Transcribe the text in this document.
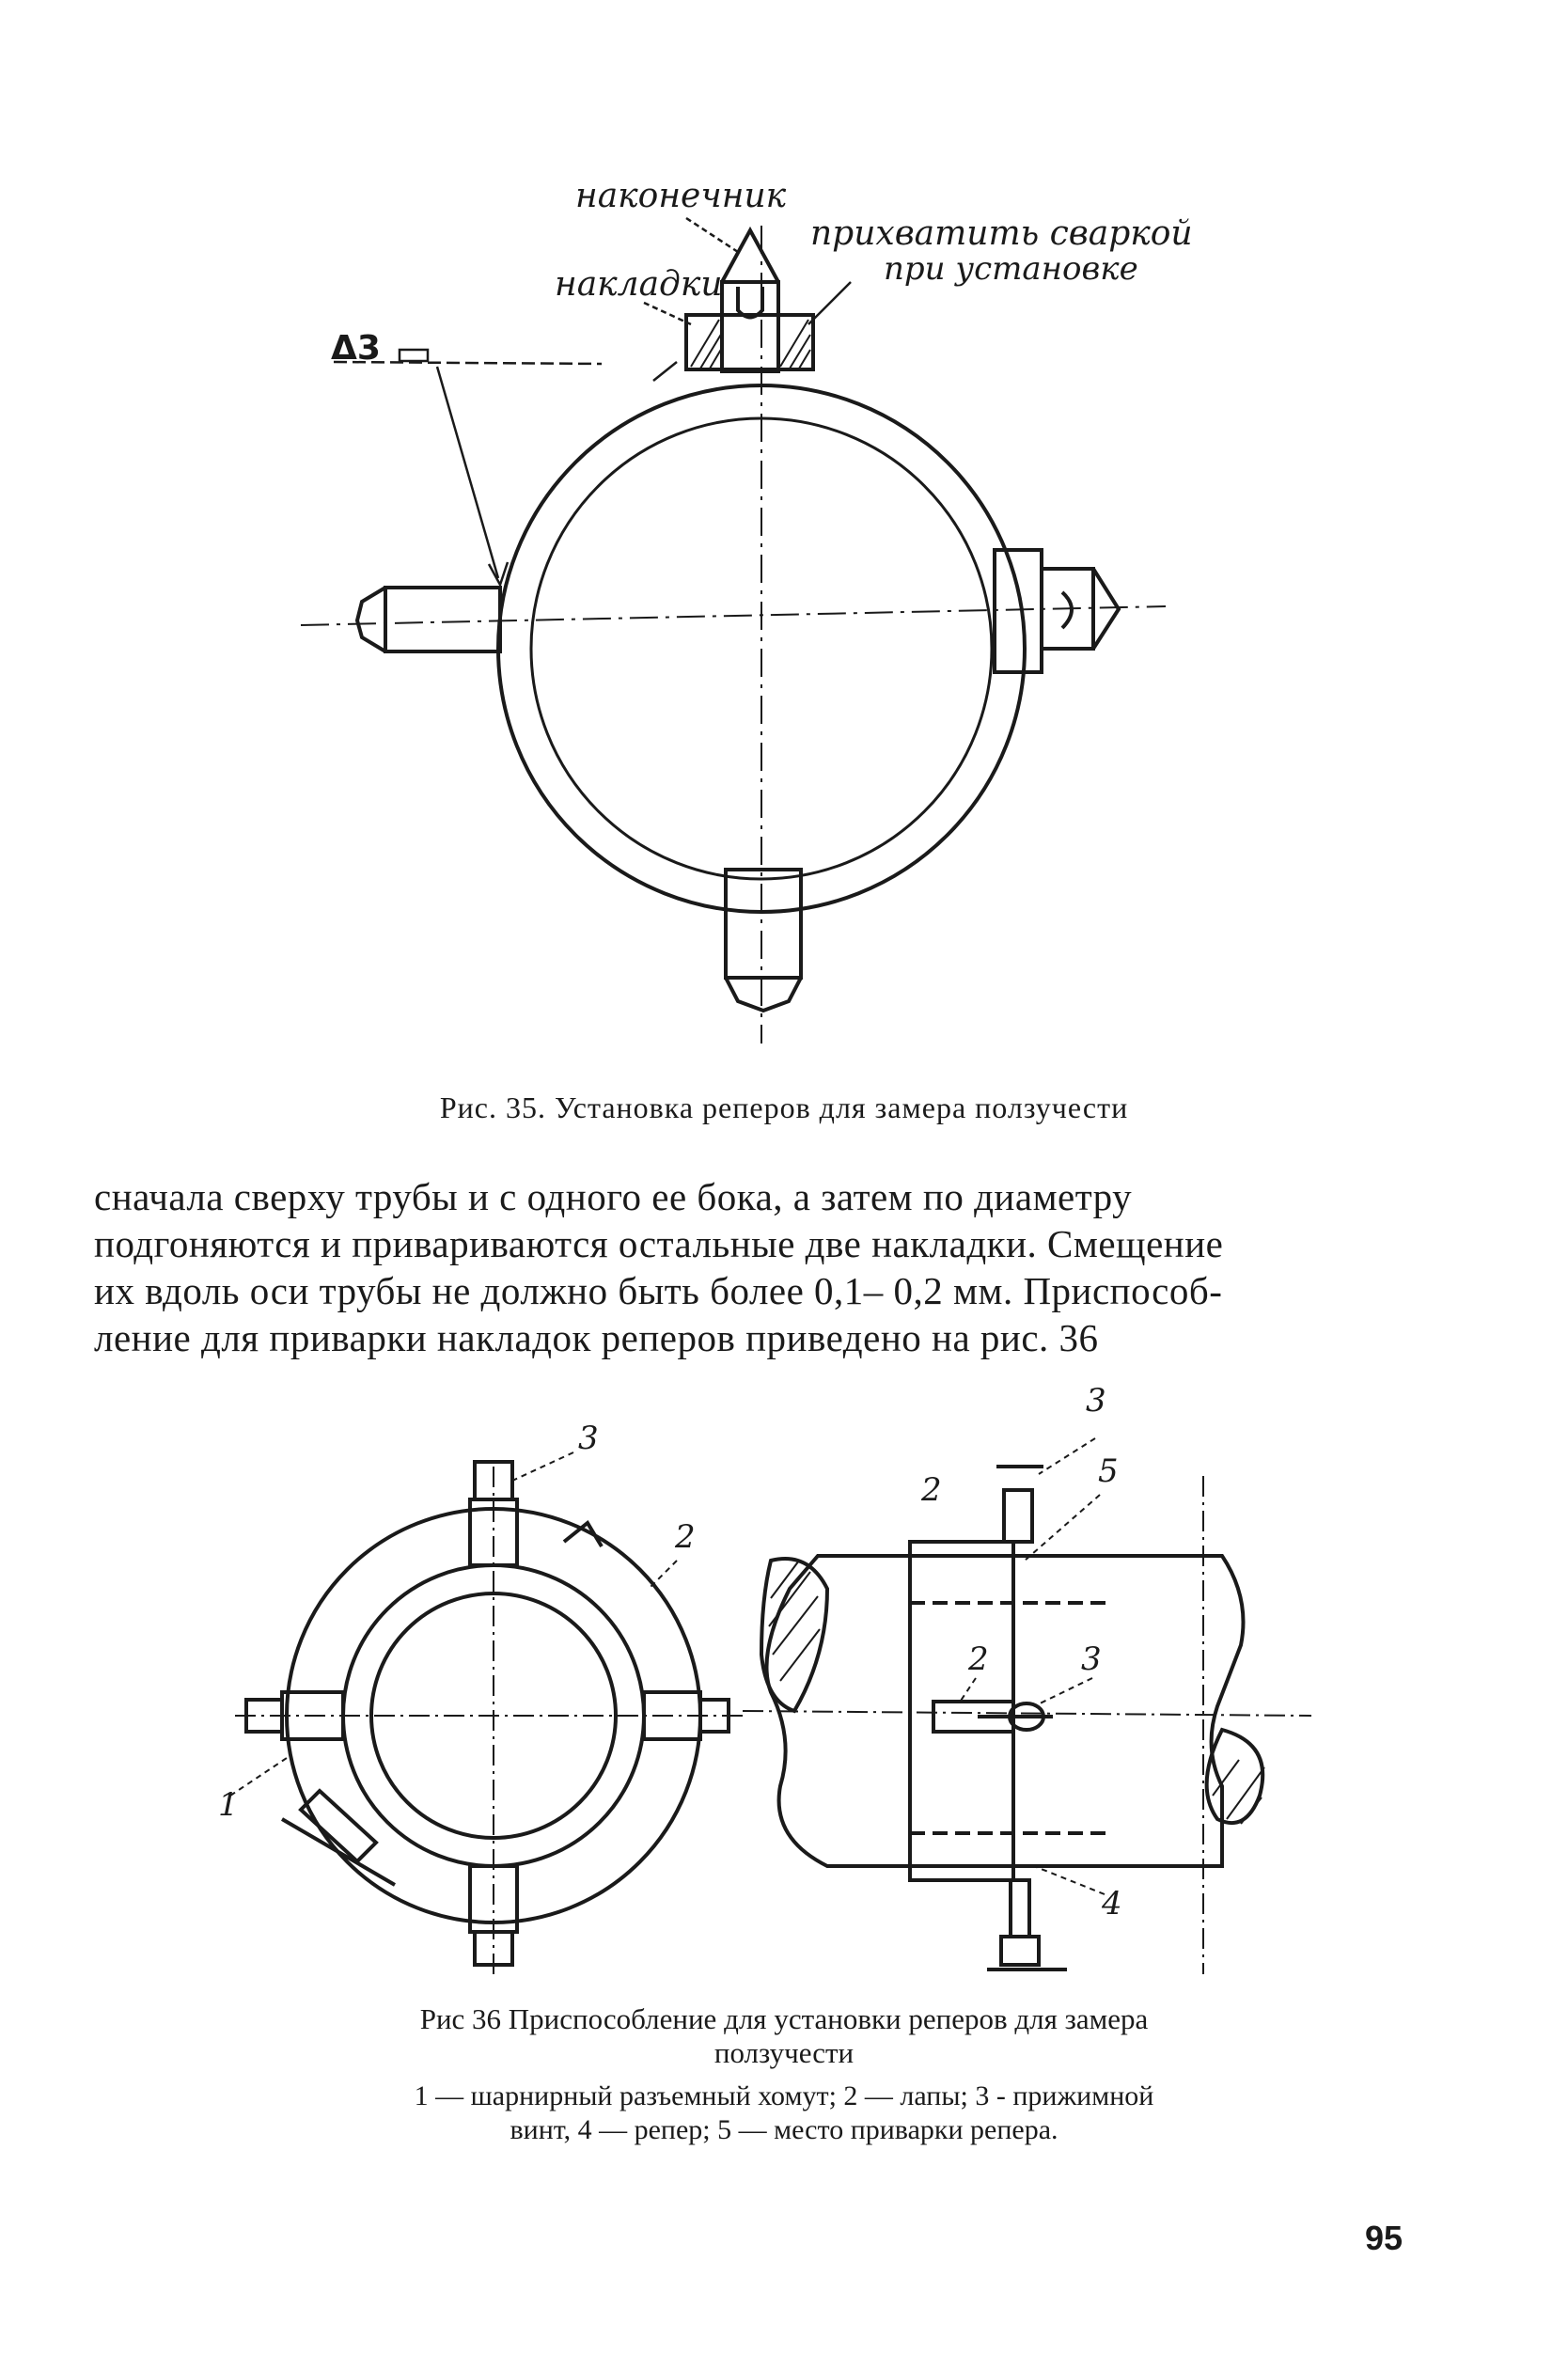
наконечник
прихватить сваркой
при установке
накладки
Δ3
Рис. 35. Установка реперов для замера ползучести
сначала сверху трубы и с одного ее бока, а затем по диаметру
подгоняются и привариваются остальные две накладки. Смещение
их вдоль оси трубы не должно быть более 0,1– 0,2 мм. Приспособ-
ление для приварки накладок реперов приведено на рис. 36
3
2
1
3
5
2
2	3
4
Рис 36 Приспособление для установки реперов для замера
ползучести
1 — шарнирный разъемный хомут; 2 — лапы; 3 - прижимной
винт, 4 — репер; 5 — место приварки репера.
95
